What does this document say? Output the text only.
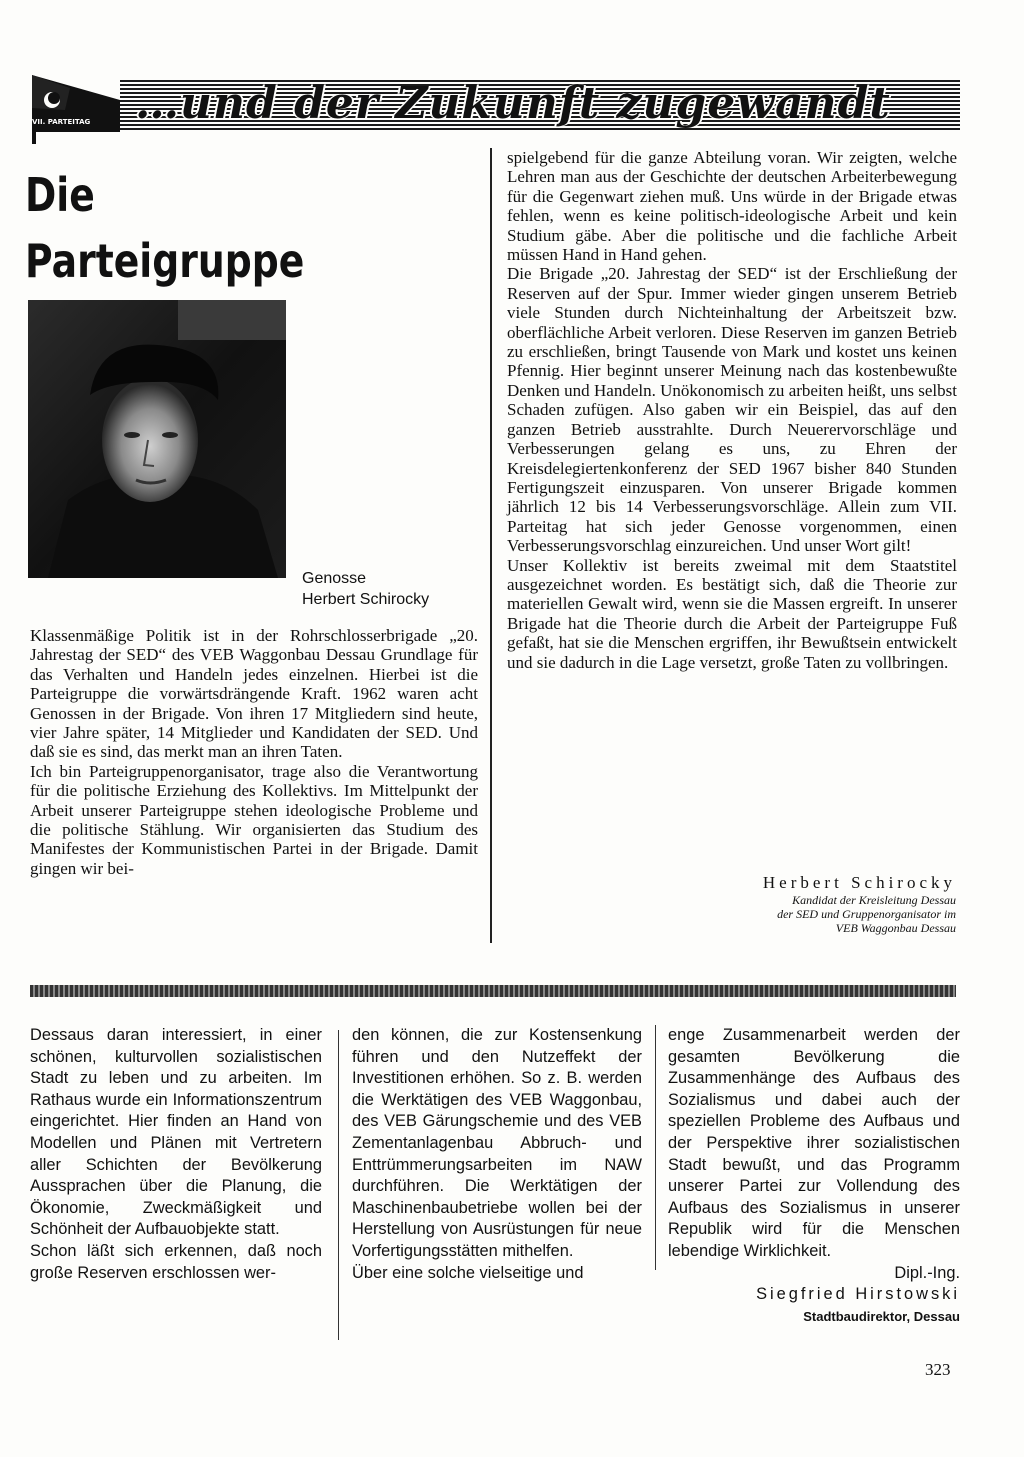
…und der Zukunft zugewandt
VII. PARTEITAG
Die
Parteigruppe
Genosse
Herbert Schirocky

Klassenmäßige Politik ist in der Rohrschlosserbrigade „20. Jahrestag der SED“ des VEB Waggonbau Dessau Grundlage für das Verhalten und Handeln jedes einzelnen. Hierbei ist die Parteigruppe die vorwärtsdrängende Kraft. 1962 waren acht Genossen in der Brigade. Von ihren 17 Mitgliedern sind heute, vier Jahre später, 14 Mitglieder und Kandidaten der SED. Und daß sie es sind, das merkt man an ihren Taten.

Ich bin Parteigruppenorganisator, trage also die Verantwortung für die politische Erziehung des Kollektivs. Im Mittelpunkt der Arbeit unserer Parteigruppe stehen ideologische Probleme und die politische Stählung. Wir organisierten das Studium des Manifestes der Kommunistischen Partei in der Brigade. Damit gingen wir bei-

spielgebend für die ganze Abteilung voran. Wir zeigten, welche Lehren man aus der Geschichte der deutschen Arbeiterbewegung für die Gegenwart ziehen muß. Uns würde in der Brigade etwas fehlen, wenn es keine politisch-ideologische Arbeit und kein Studium gäbe. Aber die politische und die fachliche Arbeit müssen Hand in Hand gehen.

Die Brigade „20. Jahrestag der SED“ ist der Erschließung der Reserven auf der Spur. Immer wieder gingen unserem Betrieb viele Stunden durch Nichteinhaltung der Arbeitszeit bzw. oberflächliche Arbeit verloren. Diese Reserven im ganzen Betrieb zu erschließen, bringt Tausende von Mark und kostet uns keinen Pfennig. Hier beginnt unserer Meinung nach das kostenbewußte Denken und Handeln. Unökonomisch zu arbeiten heißt, uns selbst Schaden zufügen. Also gaben wir ein Beispiel, das auf den ganzen Betrieb ausstrahlte. Durch Neuerervorschläge und Verbesserungen gelang es uns, zu Ehren der Kreisdelegiertenkonferenz der SED 1967 bisher 840 Stunden Fertigungszeit einzusparen. Von unserer Brigade kommen jährlich 12 bis 14 Verbesserungsvorschläge. Allein zum VII. Parteitag hat sich jeder Genosse vorgenommen, einen Verbesserungsvorschlag einzureichen. Und unser Wort gilt!

Unser Kollektiv ist bereits zweimal mit dem Staatstitel ausgezeichnet worden. Es bestätigt sich, daß die Theorie zur materiellen Gewalt wird, wenn sie die Massen ergreift. In unserer Brigade hat die Theorie durch die Arbeit der Parteigruppe Fuß gefaßt, hat sie die Menschen ergriffen, ihr Bewußtsein entwickelt und sie dadurch in die Lage versetzt, große Taten zu vollbringen.

Herbert Schirocky
Kandidat der Kreisleitung Dessau
der SED und Gruppenorganisator im
VEB Waggonbau Dessau

Dessaus daran interessiert, in einer schönen, kulturvollen sozialistischen Stadt zu leben und zu arbeiten. Im Rathaus wurde ein Informationszentrum eingerichtet. Hier finden an Hand von Modellen und Plänen mit Vertretern aller Schichten der Bevölkerung Aussprachen über die Planung, die Ökonomie, Zweckmäßigkeit und Schönheit der Aufbauobjekte statt.

Schon läßt sich erkennen, daß noch große Reserven erschlossen wer-

den können, die zur Kostensenkung führen und den Nutzeffekt der Investitionen erhöhen. So z. B. werden die Werktätigen des VEB Waggonbau, des VEB Gärungschemie und des VEB Zementanlagenbau Abbruch- und Enttrümmerungsarbeiten im NAW durchführen. Die Werktätigen der Maschinenbaubetriebe wollen bei der Herstellung von Ausrüstungen für neue Vorfertigungsstätten mithelfen.

Über eine solche vielseitige und

enge Zusammenarbeit werden der gesamten Bevölkerung die Zusammenhänge des Aufbaus des Sozialismus und dabei auch der speziellen Probleme des Aufbaus und der Perspektive ihrer sozialistischen Stadt bewußt, und das Programm unserer Partei zur Vollendung des Aufbaus des Sozialismus in unserer Republik wird für die Menschen lebendige Wirklichkeit.

Dipl.-Ing.

Siegfried Hirstowski

Stadtbaudirektor, Dessau

323
